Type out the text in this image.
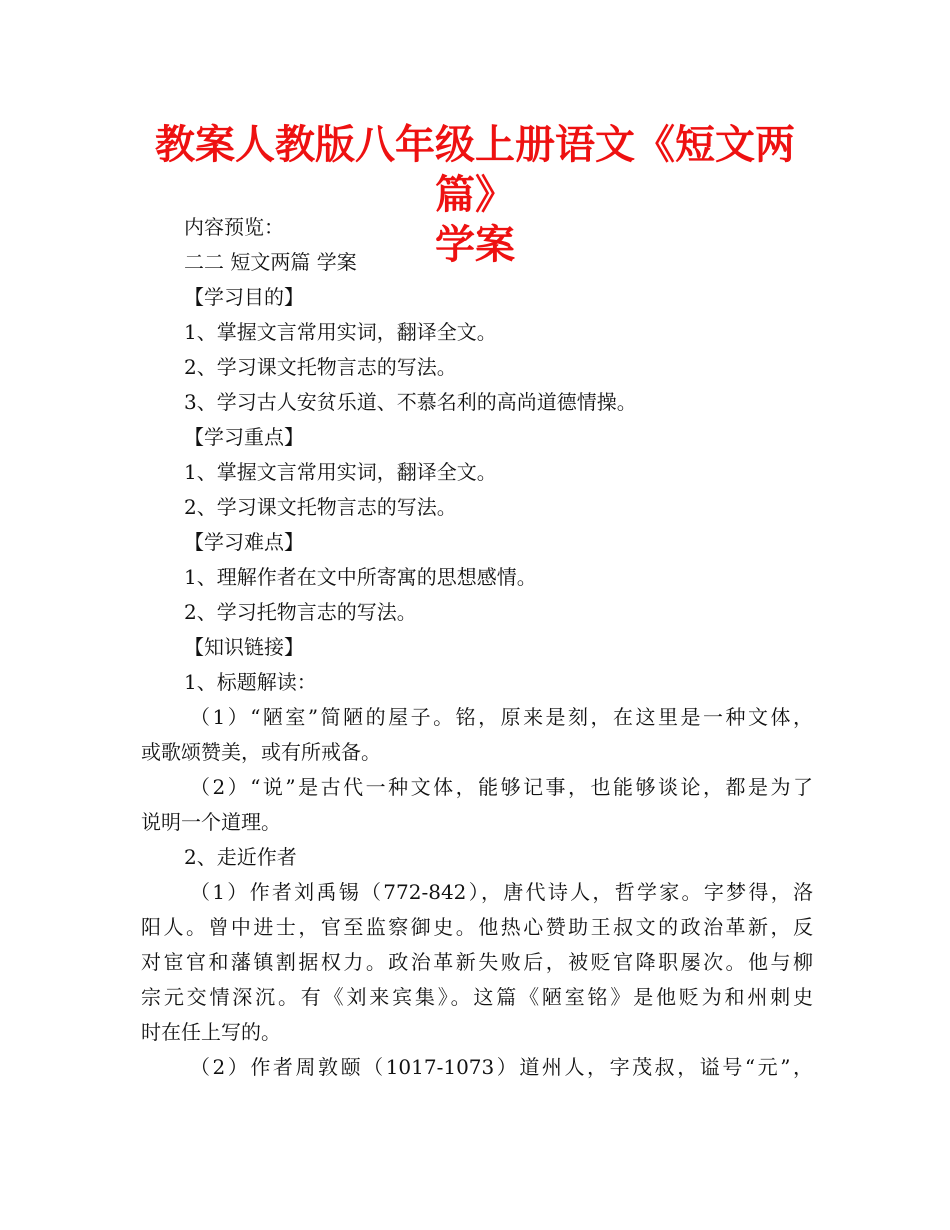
教案人教版八年级上册语文《短文两篇》
学案
内容预览：
二二 短文两篇 学案
【学习目的】
1、掌握文言常用实词，翻译全文。
2、学习课文托物言志的写法。
3、学习古人安贫乐道、不慕名利的高尚道德情操。
【学习重点】
1、掌握文言常用实词，翻译全文。
2、学习课文托物言志的写法。
【学习难点】
1、理解作者在文中所寄寓的思想感情。
2、学习托物言志的写法。
【知识链接】
1、标题解读：
（1）“陋室”简陋的屋子。铭，原来是刻，在这里是一种文体，
或歌颂赞美，或有所戒备。
（2）“说”是古代一种文体，能够记事，也能够谈论，都是为了
说明一个道理。
2、走近作者
（1）作者刘禹锡（772-842），唐代诗人，哲学家。字梦得，洛
阳人。曾中进士，官至监察御史。他热心赞助王叔文的政治革新，反
对宦官和藩镇割据权力。政治革新失败后，被贬官降职屡次。他与柳
宗元交情深沉。有《刘来宾集》。这篇《陋室铭》是他贬为和州刺史
时在任上写的。
（2）作者周敦颐（1017-1073）道州人，字茂叔，谥号“元”，
